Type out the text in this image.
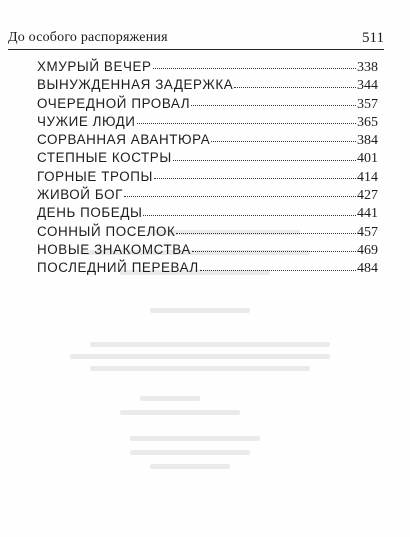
До особого распоряжения	511
ХМУРЫЙ ВЕЧЕР	338
ВЫНУЖДЕННАЯ ЗАДЕРЖКА	344
ОЧЕРЕДНОЙ ПРОВАЛ	357
ЧУЖИЕ ЛЮДИ	365
СОРВАННАЯ АВАНТЮРА	384
СТЕПНЫЕ КОСТРЫ	401
ГОРНЫЕ ТРОПЫ	414
ЖИВОЙ БОГ	427
ДЕНЬ ПОБЕДЫ	441
СОННЫЙ ПОСЕЛОК	457
НОВЫЕ ЗНАКОМСТВА	469
ПОСЛЕДНИЙ ПЕРЕВАЛ	484
